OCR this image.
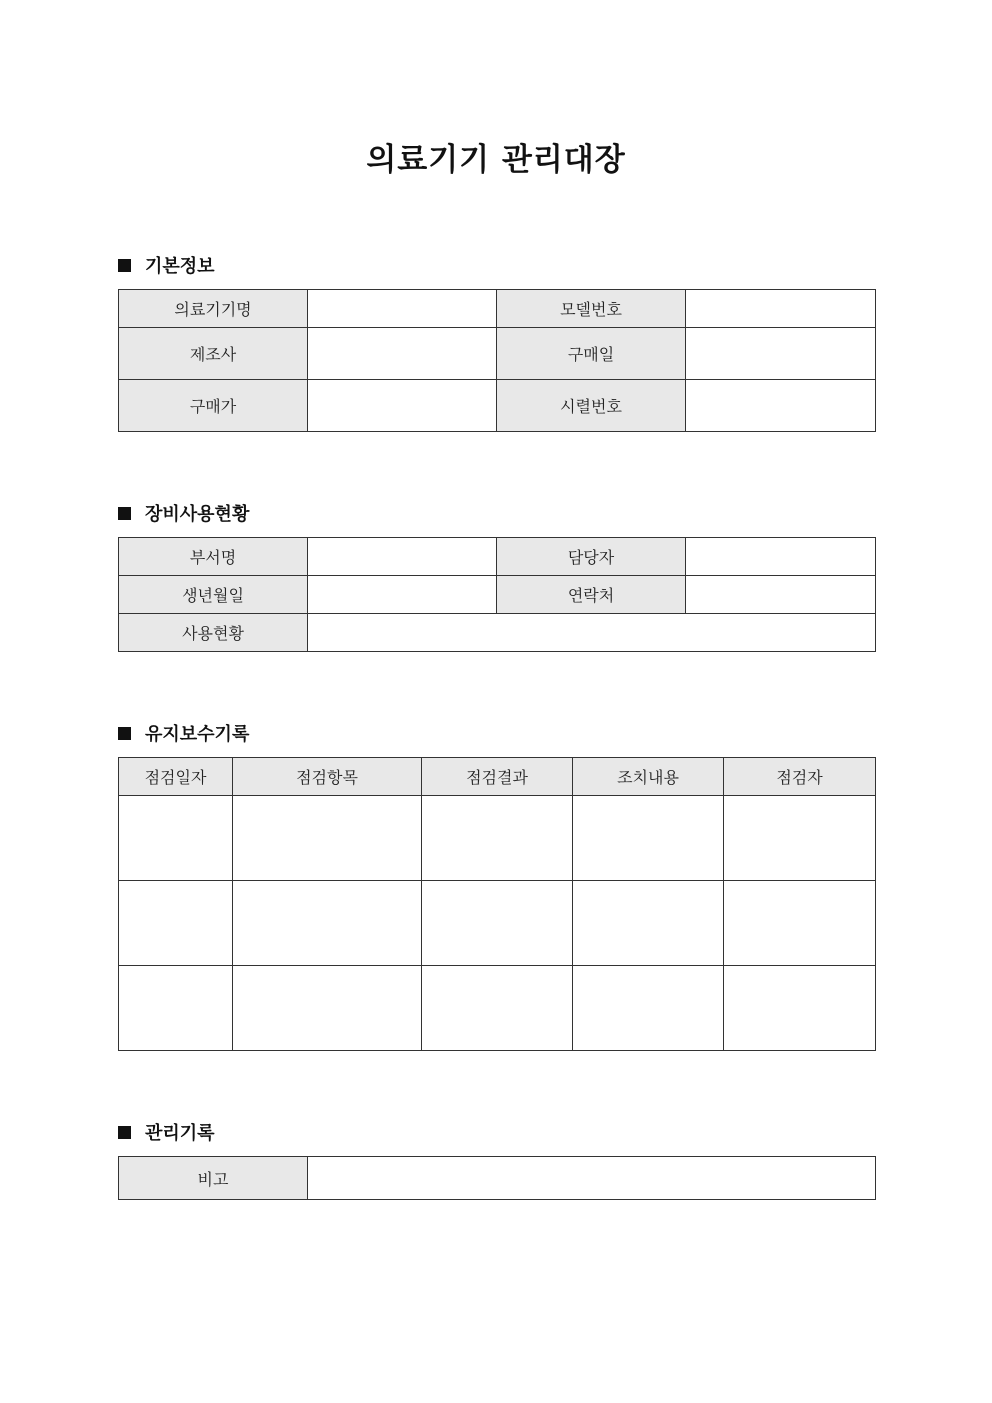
의료기기 관리대장
기본정보
의료기기명		모델번호	
제조사		구매일	
구매가		시렬번호	
장비사용현황
부서명		담당자	
생년월일		연락처	
사용현황			
유지보수기록
점검일자	점검항목	점검결과	조치내용	점검자

관리기록
비고	
